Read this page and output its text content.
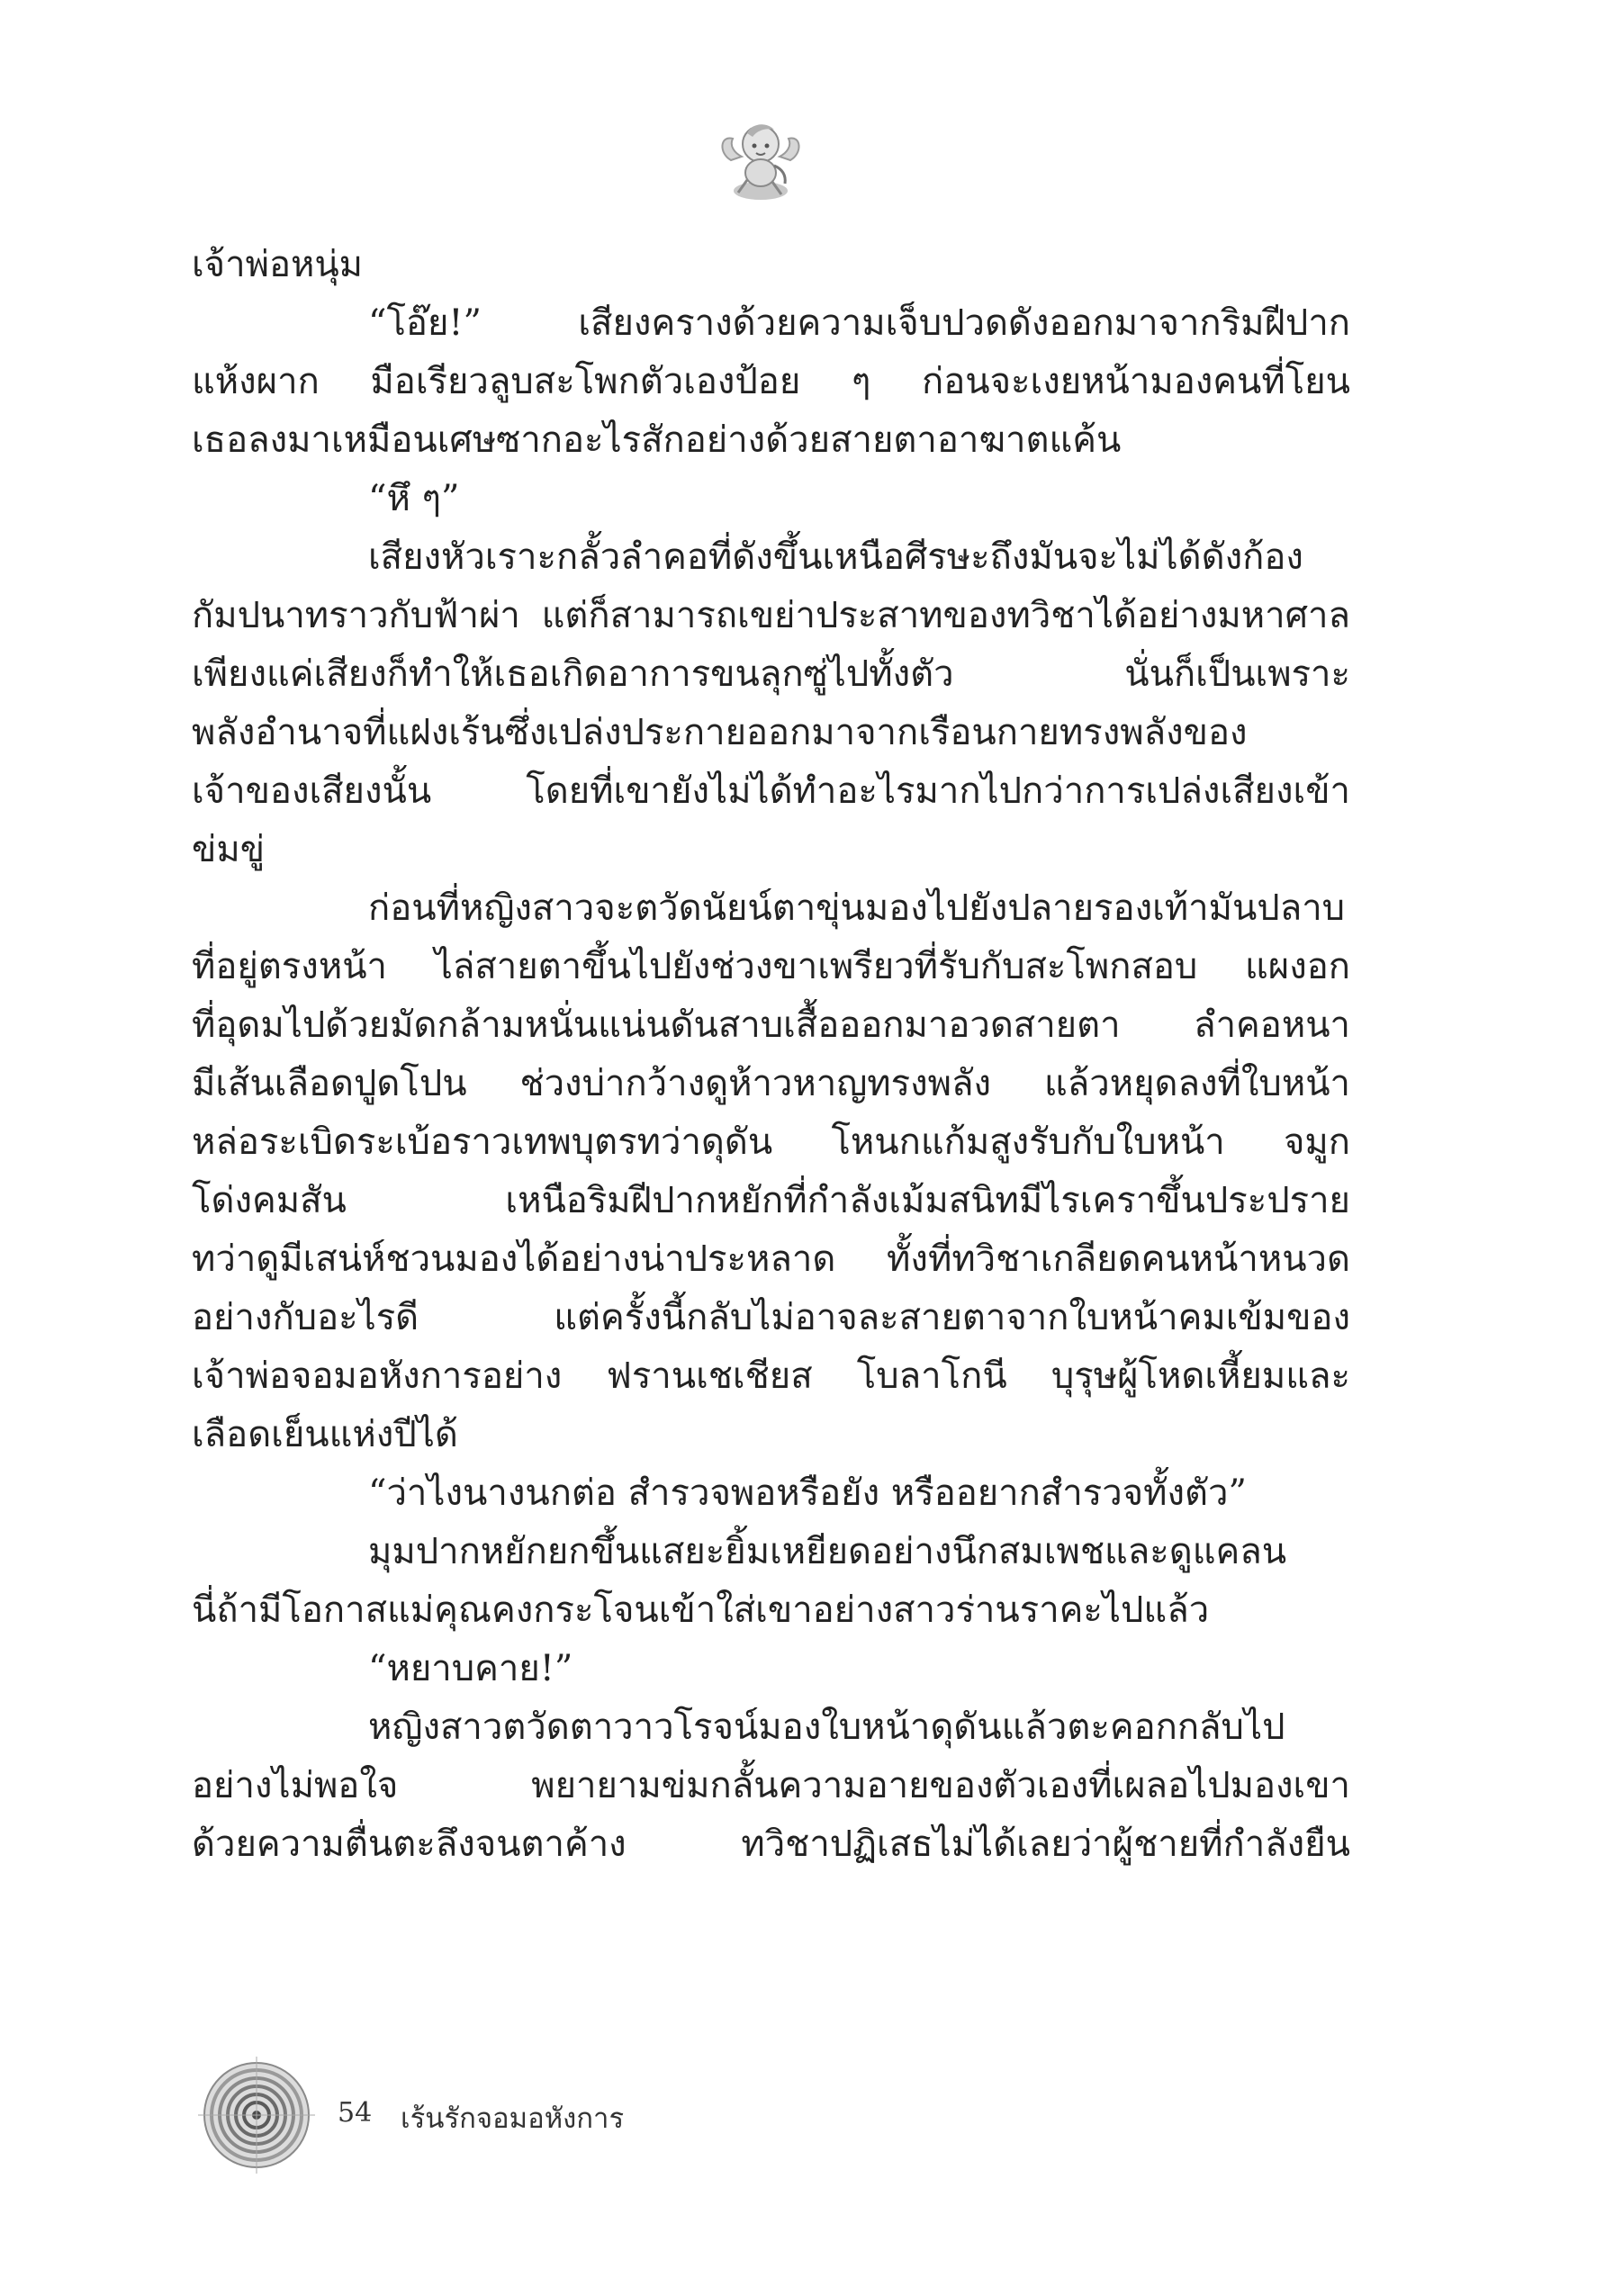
เจ้าพ่อหนุ่ม
“โอ๊ย!” เสียงครางด้วยความเจ็บปวดดังออกมาจากริมฝีปาก
แห้งผาก มือเรียวลูบสะโพกตัวเองป้อย ๆ ก่อนจะเงยหน้ามองคนที่โยน
เธอลงมาเหมือนเศษซากอะไรสักอย่างด้วยสายตาอาฆาตแค้น
“หึ ๆ”
เสียงหัวเราะกลั้วลำคอที่ดังขึ้นเหนือศีรษะถึงมันจะไม่ได้ดังก้อง
กัมปนาทราวกับฟ้าผ่า แต่ก็สามารถเขย่าประสาทของทวิชาได้อย่างมหาศาล
เพียงแค่เสียงก็ทำให้เธอเกิดอาการขนลุกซู่ไปทั้งตัว นั่นก็เป็นเพราะ
พลังอำนาจที่แฝงเร้นซึ่งเปล่งประกายออกมาจากเรือนกายทรงพลังของ
เจ้าของเสียงนั้น โดยที่เขายังไม่ได้ทำอะไรมากไปกว่าการเปล่งเสียงเข้า
ข่มขู่
ก่อนที่หญิงสาวจะตวัดนัยน์ตาขุ่นมองไปยังปลายรองเท้ามันปลาบ
ที่อยู่ตรงหน้า ไล่สายตาขึ้นไปยังช่วงขาเพรียวที่รับกับสะโพกสอบ แผงอก
ที่อุดมไปด้วยมัดกล้ามหนั่นแน่นดันสาบเสื้อออกมาอวดสายตา ลำคอหนา
มีเส้นเลือดปูดโปน ช่วงบ่ากว้างดูห้าวหาญทรงพลัง แล้วหยุดลงที่ใบหน้า
หล่อระเบิดระเบ้อราวเทพบุตรทว่าดุดัน โหนกแก้มสูงรับกับใบหน้า จมูก
โด่งคมสัน เหนือริมฝีปากหยักที่กำลังเม้มสนิทมีไรเคราขึ้นประปราย
ทว่าดูมีเสน่ห์ชวนมองได้อย่างน่าประหลาด ทั้งที่ทวิชาเกลียดคนหน้าหนวด
อย่างกับอะไรดี แต่ครั้งนี้กลับไม่อาจละสายตาจากใบหน้าคมเข้มของ
เจ้าพ่อจอมอหังการอย่าง ฟรานเชเชียส โบลาโกนี บุรุษผู้โหดเหี้ยมและ
เลือดเย็นแห่งปีได้
“ว่าไงนางนกต่อ สำรวจพอหรือยัง หรืออยากสำรวจทั้งตัว”
มุมปากหยักยกขึ้นแสยะยิ้มเหยียดอย่างนึกสมเพชและดูแคลน
นี่ถ้ามีโอกาสแม่คุณคงกระโจนเข้าใส่เขาอย่างสาวร่านราคะไปแล้ว
“หยาบคาย!”
หญิงสาวตวัดตาวาวโรจน์มองใบหน้าดุดันแล้วตะคอกกลับไป
อย่างไม่พอใจ พยายามข่มกลั้นความอายของตัวเองที่เผลอไปมองเขา
ด้วยความตื่นตะลึงจนตาค้าง ทวิชาปฏิเสธไม่ได้เลยว่าผู้ชายที่กำลังยืน
54 เร้นรักจอมอหังการ
